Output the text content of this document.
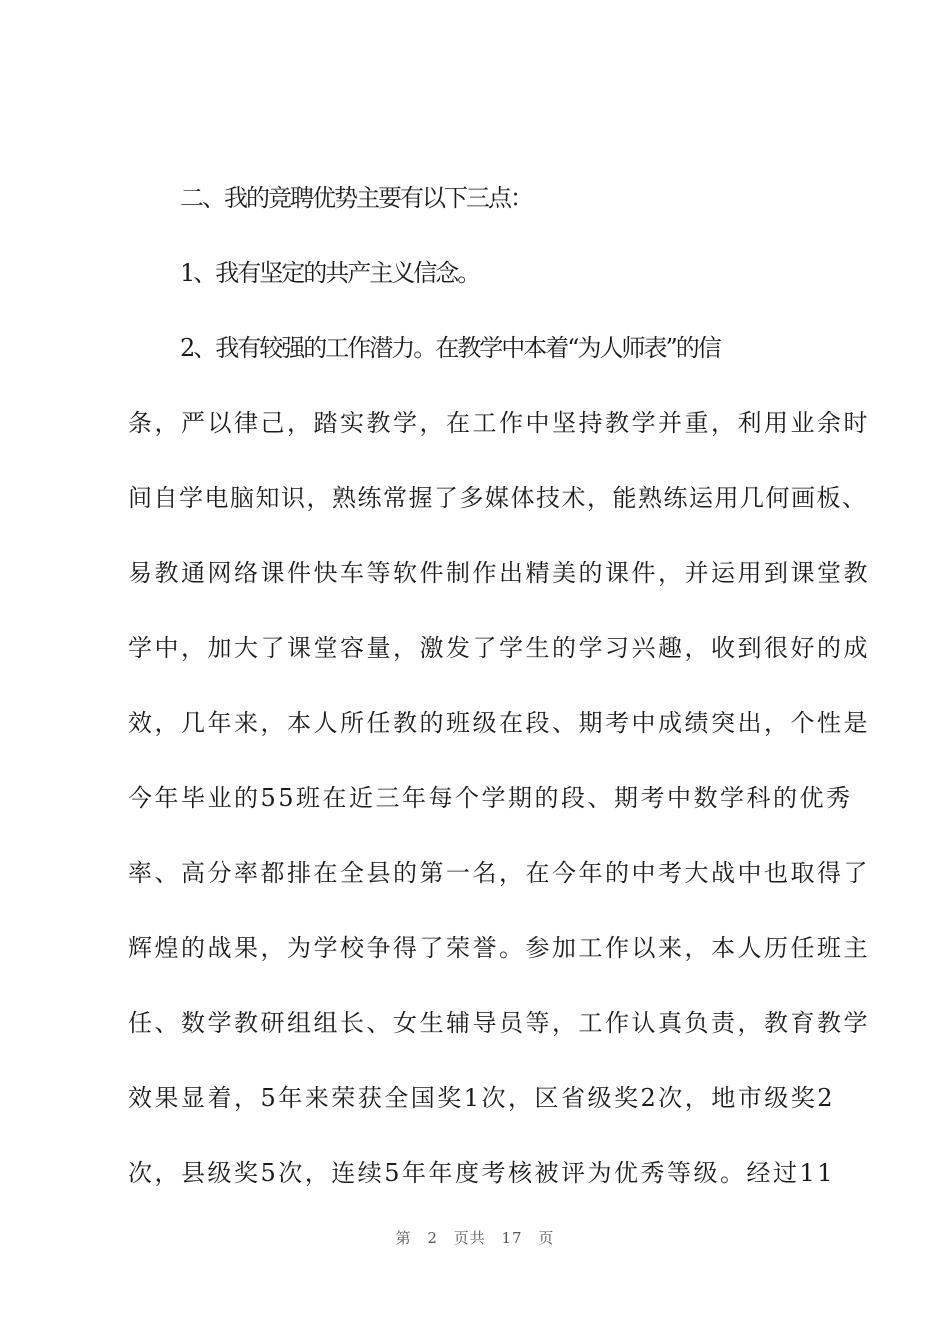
二、我的竞聘优势主要有以下三点：
1、我有坚定的共产主义信念。
2、我有较强的工作潜力。在教学中本着“为人师表”的信
条，严以律己，踏实教学，在工作中坚持教学并重，利用业余时
间自学电脑知识，熟练常握了多媒体技术，能熟练运用几何画板、
易教通网络课件快车等软件制作出精美的课件，并运用到课堂教
学中，加大了课堂容量，激发了学生的学习兴趣，收到很好的成
效，几年来，本人所任教的班级在段、期考中成绩突出，个性是
今年毕业的55班在近三年每个学期的段、期考中数学科的优秀
率、高分率都排在全县的第一名，在今年的中考大战中也取得了
辉煌的战果，为学校争得了荣誉。参加工作以来，本人历任班主
任、数学教研组组长、女生辅导员等，工作认真负责，教育教学
效果显着，5年来荣获全国奖1次，区省级奖2次，地市级奖2
次，县级奖5次，连续5年年度考核被评为优秀等级。经过11
第 2 页共 17 页
